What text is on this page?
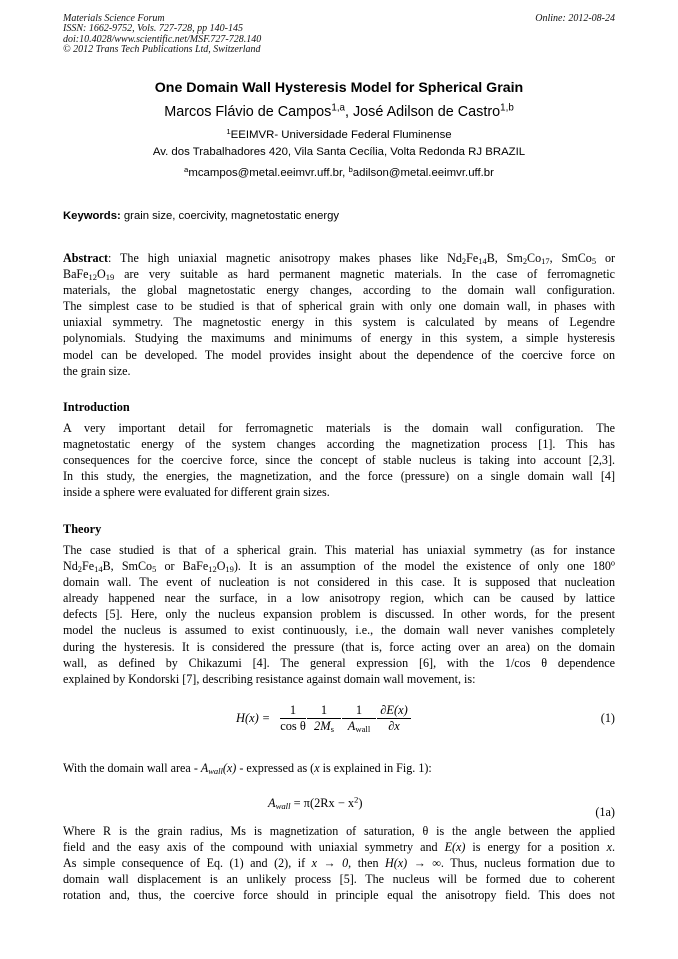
Materials Science Forum
ISSN: 1662-9752, Vols. 727-728, pp 140-145
doi:10.4028/www.scientific.net/MSF.727-728.140
© 2012 Trans Tech Publications Ltd, Switzerland
Online: 2012-08-24
One Domain Wall Hysteresis Model for Spherical Grain
Marcos Flávio de Campos$^{1,a}$, José Adilson de Castro$^{1,b}$
$^1$EEIMVR- Universidade Federal Fluminense
Av. dos Trabalhadores 420, Vila Santa Cecília, Volta Redonda RJ BRAZIL
$^a$mcampos@metal.eeimvr.uff.br, $^b$adilson@metal.eeimvr.uff.br
Keywords: grain size, coercivity, magnetostatic energy
Abstract: The high uniaxial magnetic anisotropy makes phases like $Nd_2Fe_{14}B$, $Sm_2Co_{17}$, SmCo$_5$ or
$BaFe_{12}O_{19}$ are very suitable as hard permanent magnetic materials. In the case of ferromagnetic
materials, the global magnetostatic energy changes, according to the domain wall configuration.
The simplest case to be studied is that of spherical grain with only one domain wall, in phases with
uniaxial symmetry. The magnetostic energy in this system is calculated by means of Legendre
polynomials. Studying the maximums and minimums of energy in this system, a simple hysteresis
model can be developed. The model provides insight about the dependence of the coercive force on
the grain size.
Introduction
A very important detail for ferromagnetic materials is the domain wall configuration. The
magnetostatic energy of the system changes according the magnetization process [1]. This has
consequences for the coercive force, since the concept of stable nucleus is taking into account [2,3].
In this study, the energies, the magnetization, and the force (pressure) on a single domain wall [4]
inside a sphere were evaluated for different grain sizes.
Theory
The case studied is that of a spherical grain. This material has uniaxial symmetry (as for instance
$Nd_2Fe_{14}B$, SmCo$_5$ or $BaFe_{12}O_{19}$). It is an assumption of the model the existence of only one 180$^o$
domain wall. The event of nucleation is not considered in this case. It is supposed that nucleation
already happened near the surface, in a low anisotropy region, which can be caused by lattice
defects [5]. Here, only the nucleus expansion problem is discussed. In other words, for the present
model the nucleus is assumed to exist continuously, i.e., the domain wall never vanishes completely
during the hysteresis. It is considered the pressure (that is, force acting over an area) on the domain
wall, as defined by Chikazumi [4]. The general expression [6], with the 1/cos θ dependence
explained by Kondorski [7], describing resistance against domain wall movement, is:
$H(x) = \frac{1}{\text{cos θ}} \frac{1}{2M_s}$	1
$A_{wall} \frac{\partial E(x)}{\partial x}$	(1)
With the domain wall area - $A_{wall}(x)$ - expressed as (x is explained in Fig. 1):
$A_{wall} = \pi(2Rx - x^2)$
(1a)
Where R is the grain radius, Ms is magnetization of saturation, θ is the angle between the applied
field and the easy axis of the compound with uniaxial symmetry and E(x) is energy for a position x.
As simple consequence of Eq. (1) and (2), if x → 0, then H(x) → ∞. Thus, nucleus formation due to
domain wall displacement is an unlikely process [5]. The nucleus will be formed due to coherent
rotation and, thus, the coercive force should in principle equal the anisotropy field. This does not
